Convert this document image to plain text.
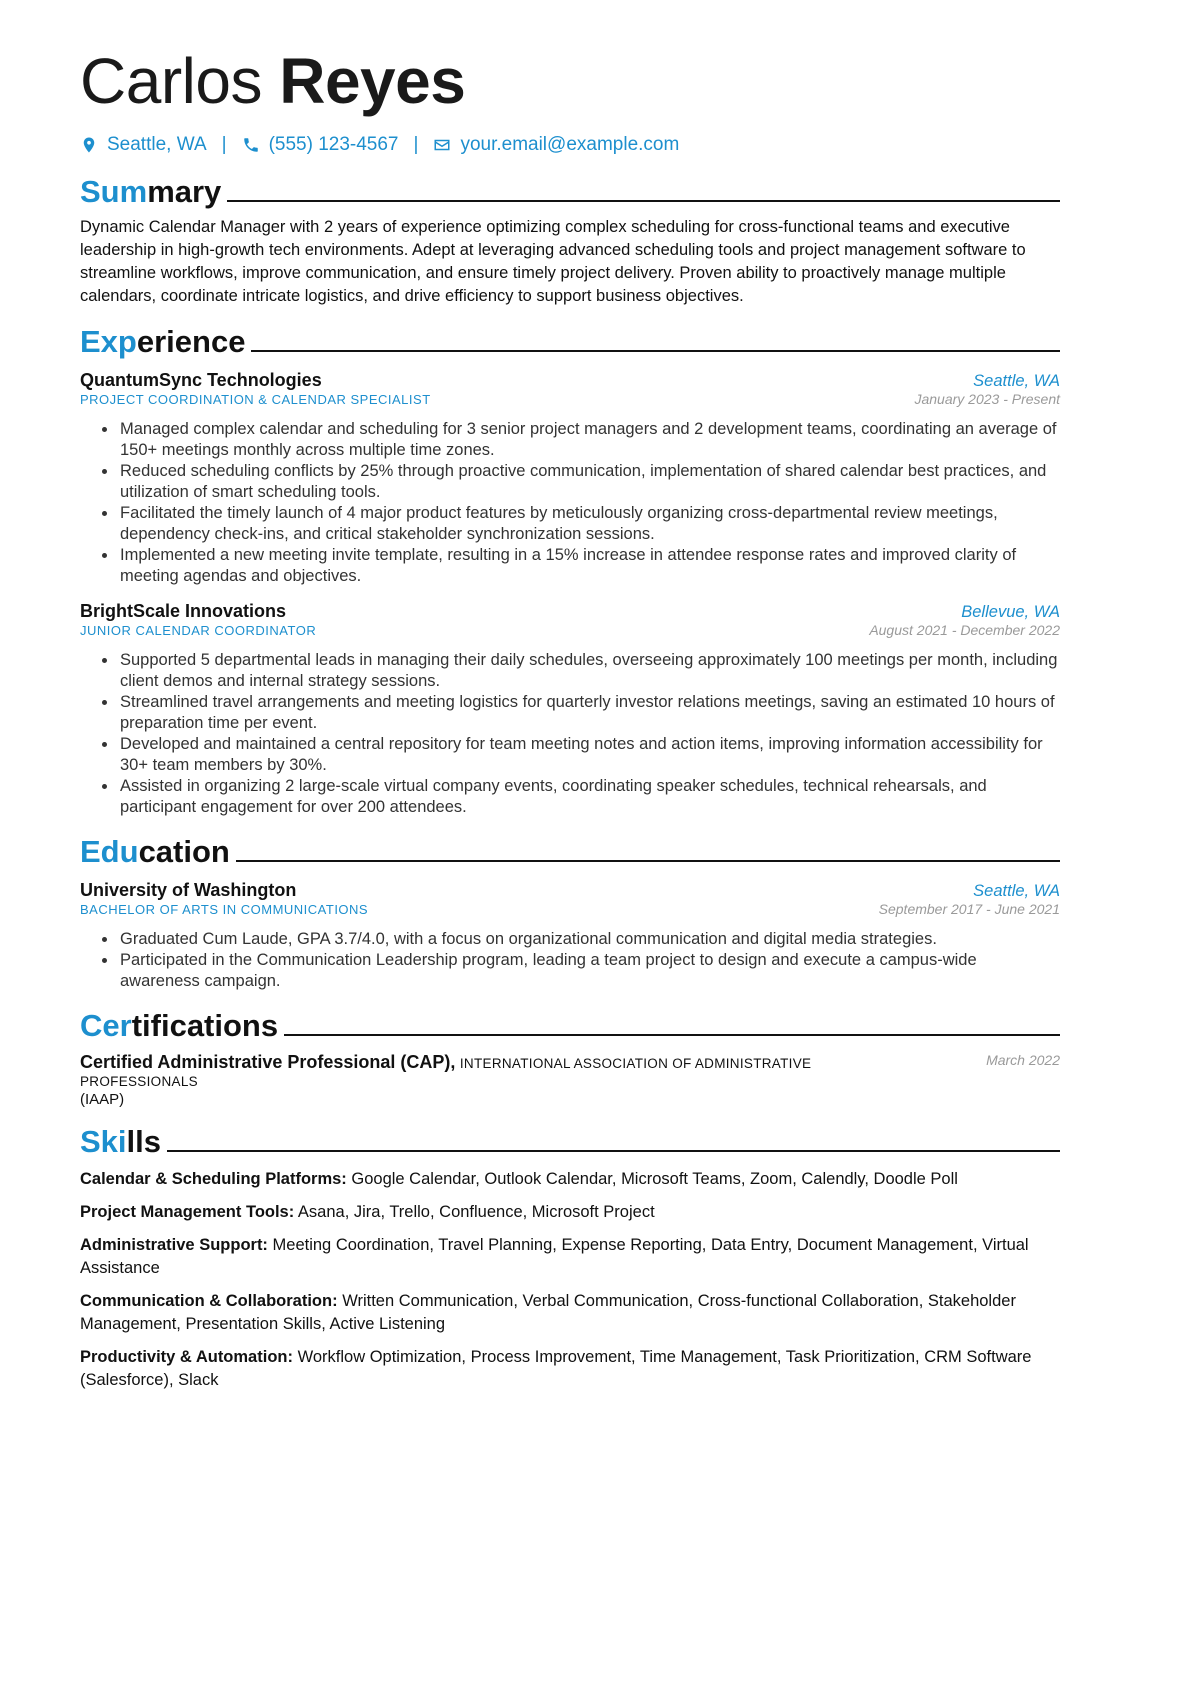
Carlos Reyes
Seattle, WA | (555) 123-4567 | your.email@example.com
Summary

Dynamic Calendar Manager with 2 years of experience optimizing complex scheduling for cross-functional teams and executive leadership in high-growth tech environments. Adept at leveraging advanced scheduling tools and project management software to streamline workflows, improve communication, and ensure timely project delivery. Proven ability to proactively manage multiple calendars, coordinate intricate logistics, and drive efficiency to support business objectives.

Experience
QuantumSync Technologies	Seattle, WA
PROJECT COORDINATION & CALENDAR SPECIALIST	January 2023 - Present
• Managed complex calendar and scheduling for 3 senior project managers and 2 development teams, coordinating an average of 150+ meetings monthly across multiple time zones.
• Reduced scheduling conflicts by 25% through proactive communication, implementation of shared calendar best practices, and utilization of smart scheduling tools.
• Facilitated the timely launch of 4 major product features by meticulously organizing cross-departmental review meetings, dependency check-ins, and critical stakeholder synchronization sessions.
• Implemented a new meeting invite template, resulting in a 15% increase in attendee response rates and improved clarity of meeting agendas and objectives.
BrightScale Innovations	Bellevue, WA
JUNIOR CALENDAR COORDINATOR	August 2021 - December 2022
• Supported 5 departmental leads in managing their daily schedules, overseeing approximately 100 meetings per month, including client demos and internal strategy sessions.
• Streamlined travel arrangements and meeting logistics for quarterly investor relations meetings, saving an estimated 10 hours of preparation time per event.
• Developed and maintained a central repository for team meeting notes and action items, improving information accessibility for 30+ team members by 30%.
• Assisted in organizing 2 large-scale virtual company events, coordinating speaker schedules, technical rehearsals, and participant engagement for over 200 attendees.
Education
University of Washington	Seattle, WA
BACHELOR OF ARTS IN COMMUNICATIONS	September 2017 - June 2021
• Graduated Cum Laude, GPA 3.7/4.0, with a focus on organizational communication and digital media strategies.
• Participated in the Communication Leadership program, leading a team project to design and execute a campus-wide awareness campaign.
Certifications
Certified Administrative Professional (CAP), INTERNATIONAL ASSOCIATION OF ADMINISTRATIVE PROFESSIONALS
(IAAP)
March 2022
Skills

Calendar & Scheduling Platforms: Google Calendar, Outlook Calendar, Microsoft Teams, Zoom, Calendly, Doodle Poll

Project Management Tools: Asana, Jira, Trello, Confluence, Microsoft Project

Administrative Support: Meeting Coordination, Travel Planning, Expense Reporting, Data Entry, Document Management, Virtual Assistance

Communication & Collaboration: Written Communication, Verbal Communication, Cross-functional Collaboration, Stakeholder Management, Presentation Skills, Active Listening

Productivity & Automation: Workflow Optimization, Process Improvement, Time Management, Task Prioritization, CRM Software (Salesforce), Slack
